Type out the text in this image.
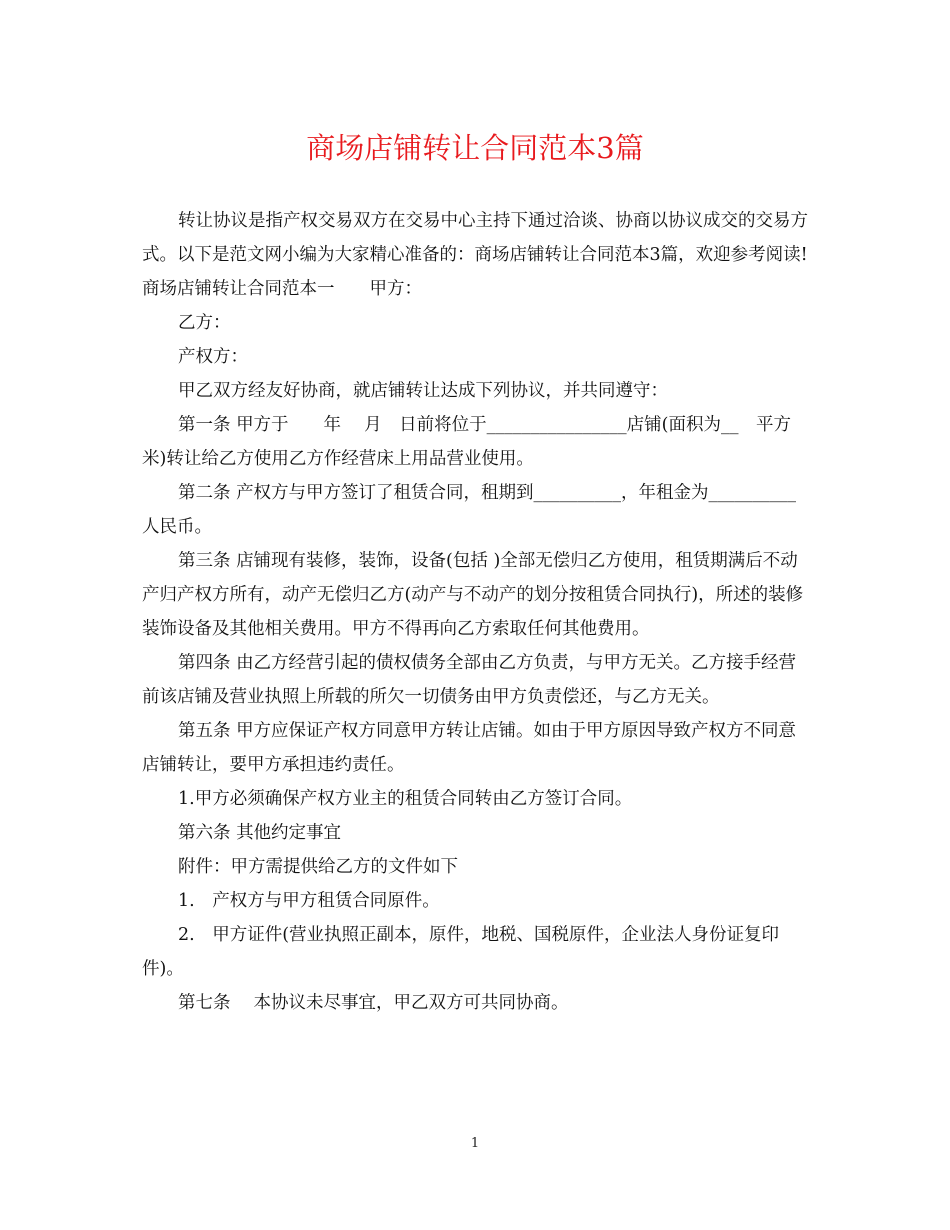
商场店铺转让合同范本3篇

转让协议是指产权交易双方在交易中心主持下通过洽谈、协商以协议成交的交易方式。以下是范文网小编为大家精心准备的：商场店铺转让合同范本3篇，欢迎参考阅读!

商场店铺转让合同范本一　　甲方：

乙方：

产权方：

甲乙双方经友好协商，就店铺转让达成下列协议，并共同遵守：

第一条 甲方于　　年　 月　日前将位于________________店铺(面积为__　平方米)转让给乙方使用乙方作经营床上用品营业使用。

第二条 产权方与甲方签订了租赁合同，租期到__________，年租金为__________人民币。

第三条 店铺现有装修，装饰，设备(包括 )全部无偿归乙方使用，租赁期满后不动产归产权方所有，动产无偿归乙方(动产与不动产的划分按租赁合同执行)，所述的装修装饰设备及其他相关费用。甲方不得再向乙方索取任何其他费用。

第四条 由乙方经营引起的债权债务全部由乙方负责，与甲方无关。乙方接手经营前该店铺及营业执照上所载的所欠一切债务由甲方负责偿还，与乙方无关。

第五条 甲方应保证产权方同意甲方转让店铺。如由于甲方原因导致产权方不同意店铺转让，要甲方承担违约责任。

1.甲方必须确保产权方业主的租赁合同转由乙方签订合同。

第六条 其他约定事宜

附件：甲方需提供给乙方的文件如下

1.　产权方与甲方租赁合同原件。

2.　甲方证件(营业执照正副本，原件，地税、国税原件，企业法人身份证复印件)。

第七条　 本协议未尽事宜，甲乙双方可共同协商。

1
